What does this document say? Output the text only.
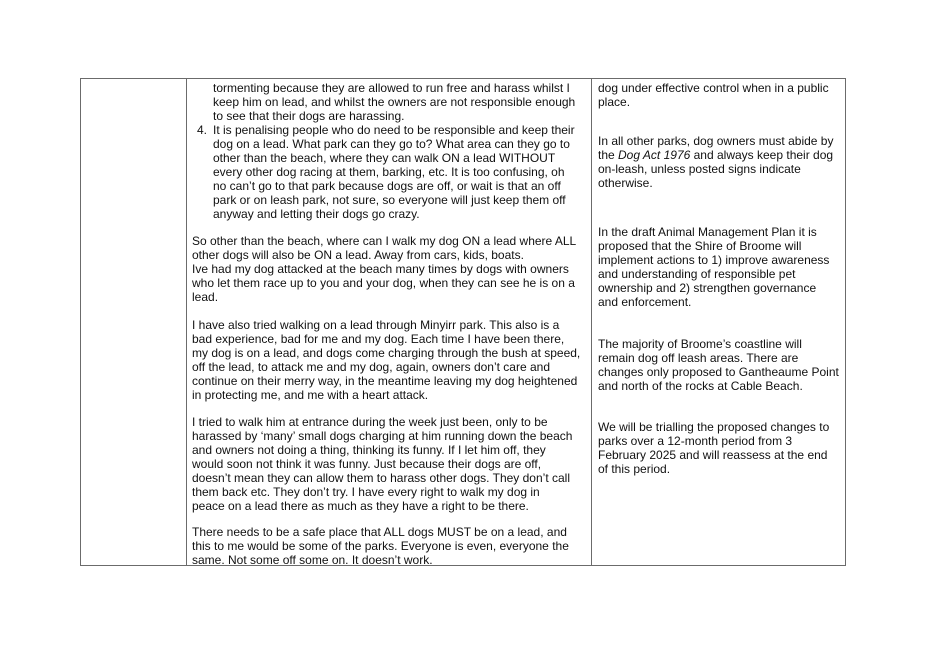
tormenting because they are allowed to run free and harass whilst I
keep him on lead, and whilst the owners are not responsible enough
to see that their dogs are harassing.
4. It is penalising people who do need to be responsible and keep their
dog on a lead. What park can they go to? What area can they go to
other than the beach, where they can walk ON a lead WITHOUT
every other dog racing at them, barking, etc. It is too confusing, oh
no can’t go to that park because dogs are off, or wait is that an off
park or on leash park, not sure, so everyone will just keep them off
anyway and letting their dogs go crazy.

So other than the beach, where can I walk my dog ON a lead where ALL
other dogs will also be ON a lead. Away from cars, kids, boats.
Ive had my dog attacked at the beach many times by dogs with owners
who let them race up to you and your dog, when they can see he is on a
lead.

I have also tried walking on a lead through Minyirr park. This also is a
bad experience, bad for me and my dog. Each time I have been there,
my dog is on a lead, and dogs come charging through the bush at speed,
off the lead, to attack me and my dog, again, owners don’t care and
continue on their merry way, in the meantime leaving my dog heightened
in protecting me, and me with a heart attack.

I tried to walk him at entrance during the week just been, only to be
harassed by ‘many’ small dogs charging at him running down the beach
and owners not doing a thing, thinking its funny. If I let him off, they
would soon not think it was funny. Just because their dogs are off,
doesn’t mean they can allow them to harass other dogs. They don’t call
them back etc. They don’t try. I have every right to walk my dog in
peace on a lead there as much as they have a right to be there.

There needs to be a safe place that ALL dogs MUST be on a lead, and
this to me would be some of the parks. Everyone is even, everyone the
same. Not some off some on. It doesn’t work.

dog under effective control when in a public
place.

In all other parks, dog owners must abide by
the Dog Act 1976 and always keep their dog
on-leash, unless posted signs indicate
otherwise.

In the draft Animal Management Plan it is
proposed that the Shire of Broome will
implement actions to 1) improve awareness
and understanding of responsible pet
ownership and 2) strengthen governance
and enforcement.

The majority of Broome’s coastline will
remain dog off leash areas. There are
changes only proposed to Gantheaume Point
and north of the rocks at Cable Beach.

We will be trialling the proposed changes to
parks over a 12-month period from 3
February 2025 and will reassess at the end
of this period.
